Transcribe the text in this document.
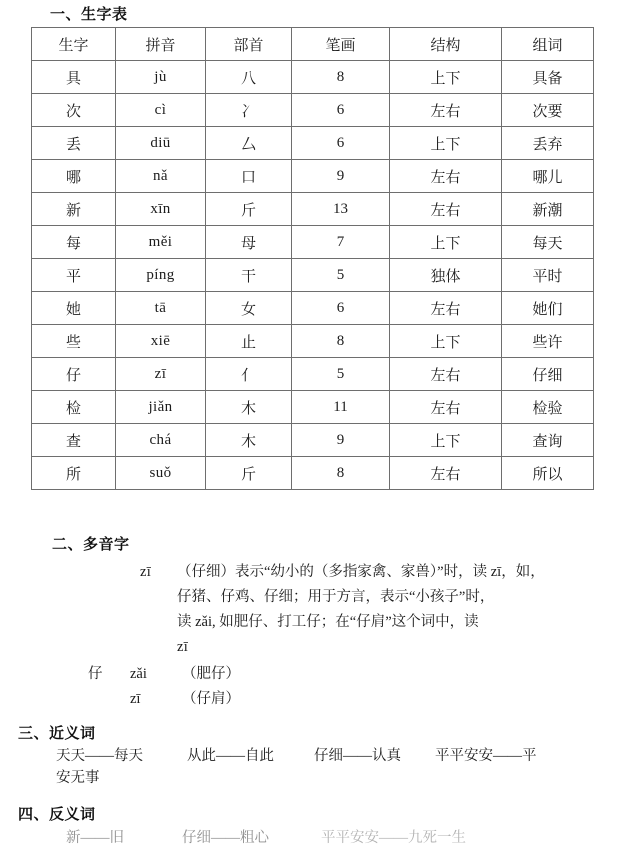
一、生字表
生字	拼音	部首	笔画	结构	组词
具	jù	八	8	上下	具备
次	cì	冫	6	左右	次要
丢	diū	厶	6	上下	丢弃
哪	nǎ	口	9	左右	哪儿
新	xīn	斤	13	左右	新潮
每	měi	母	7	上下	每天
平	píng	干	5	独体	平时
她	tā	女	6	左右	她们
些	xiē	止	8	上下	些许
仔	zī	亻	5	左右	仔细
检	jiǎn	木	11	左右	检验
查	chá	木	9	上下	查询
所	suǒ	斤	8	左右	所以
二、多音字
zī （仔细）表示“幼小的（多指家禽、家兽）”时，读 zī，如，
仔猪、仔鸡、仔细；用于方言，表示“小孩子”时，
读 zǎi, 如肥仔、打工仔；在“仔肩”这个词中，读
zī
仔 zǎi （肥仔）
zī	（仔肩）
三、近义词
天天——每天	从此——自此	仔细——认真 平平安安——平
安无事
四、反义词
新——旧	仔细——粗心	平平安安——九死一生
